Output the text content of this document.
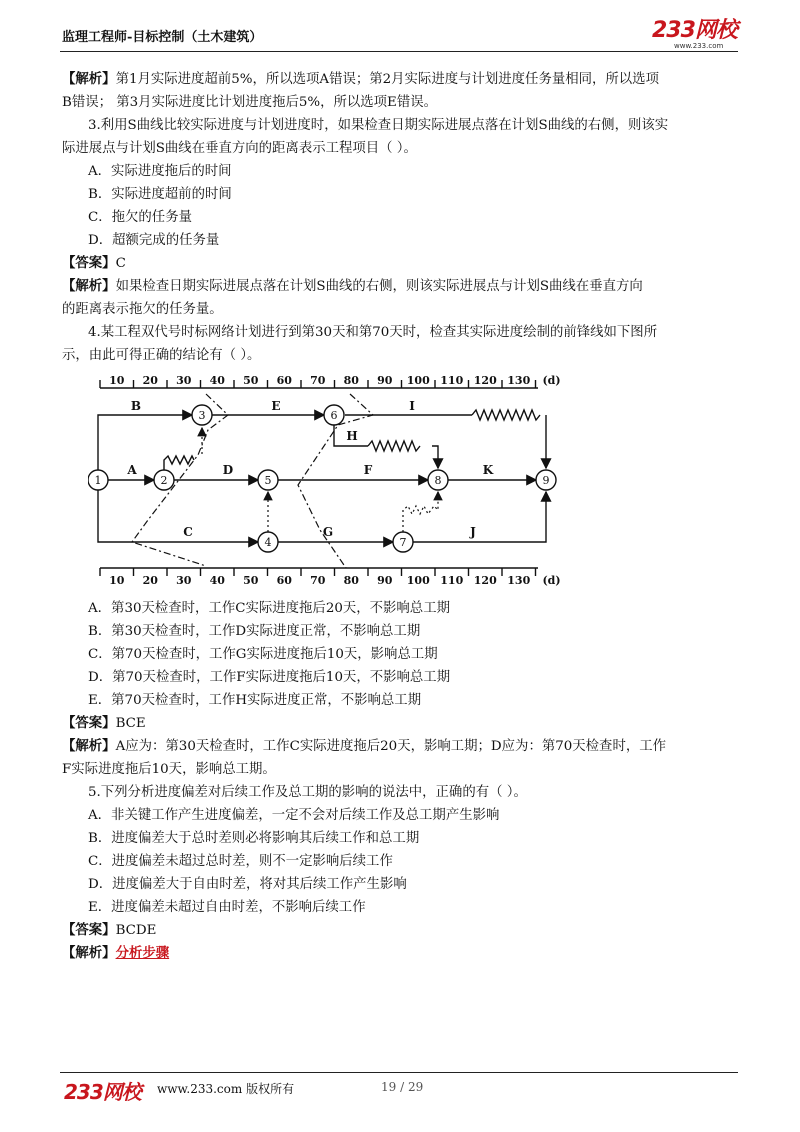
监理工程师-目标控制（土木建筑）	233网校
www.233.com
【解析】第1月实际进度超前5%，所以选项A错误；第2月实际进度与计划进度任务量相同，所以选项
B错误； 第3月实际进度比计划进度拖后5%，所以选项E错误。
3.利用S曲线比较实际进度与计划进度时，如果检查日期实际进展点落在计划S曲线的右侧，则该实
际进展点与计划S曲线在垂直方向的距离表示工程项目（ ）。
A．实际进度拖后的时间
B．实际进度超前的时间
C．拖欠的任务量
D．超额完成的任务量
【答案】C
【解析】如果检查日期实际进展点落在计划S曲线的右侧，则该实际进展点与计划S曲线在垂直方向
的距离表示拖欠的任务量。
4.某工程双代号时标网络计划进行到第30天和第70天时，检查其实际进度绘制的前锋线如下图所
示，由此可得正确的结论有（ ）。
10 20 30 40 50 60 70 80 90 100 110 120 130 (d)
10 20 30 40 50 60 70 80 90 100 110 120 130 (d)
1	2
3
4
5
6
7
8	9
A
B
C
D
E
F
G
H
I
J
K
A．第30天检查时，工作C实际进度拖后20天，不影响总工期
B．第30天检查时，工作D实际进度正常，不影响总工期
C．第70天检查时，工作G实际进度拖后10天，影响总工期
D．第70天检查时，工作F实际进度拖后10天，不影响总工期
E．第70天检查时，工作H实际进度正常，不影响总工期
【答案】BCE
【解析】A应为：第30天检查时，工作C实际进度拖后20天，影响工期；D应为：第70天检查时，工作
F实际进度拖后10天，影响总工期。
5.下列分析进度偏差对后续工作及总工期的影响的说法中，正确的有（ ）。
A．非关键工作产生进度偏差，一定不会对后续工作及总工期产生影响
B．进度偏差大于总时差则必将影响其后续工作和总工期
C．进度偏差未超过总时差，则不一定影响后续工作
D．进度偏差大于自由时差，将对其后续工作产生影响
E．进度偏差未超过自由时差，不影响后续工作
【答案】BCDE
【解析】分析步骤
233网校 www.233.com 版权所有	19 / 29
